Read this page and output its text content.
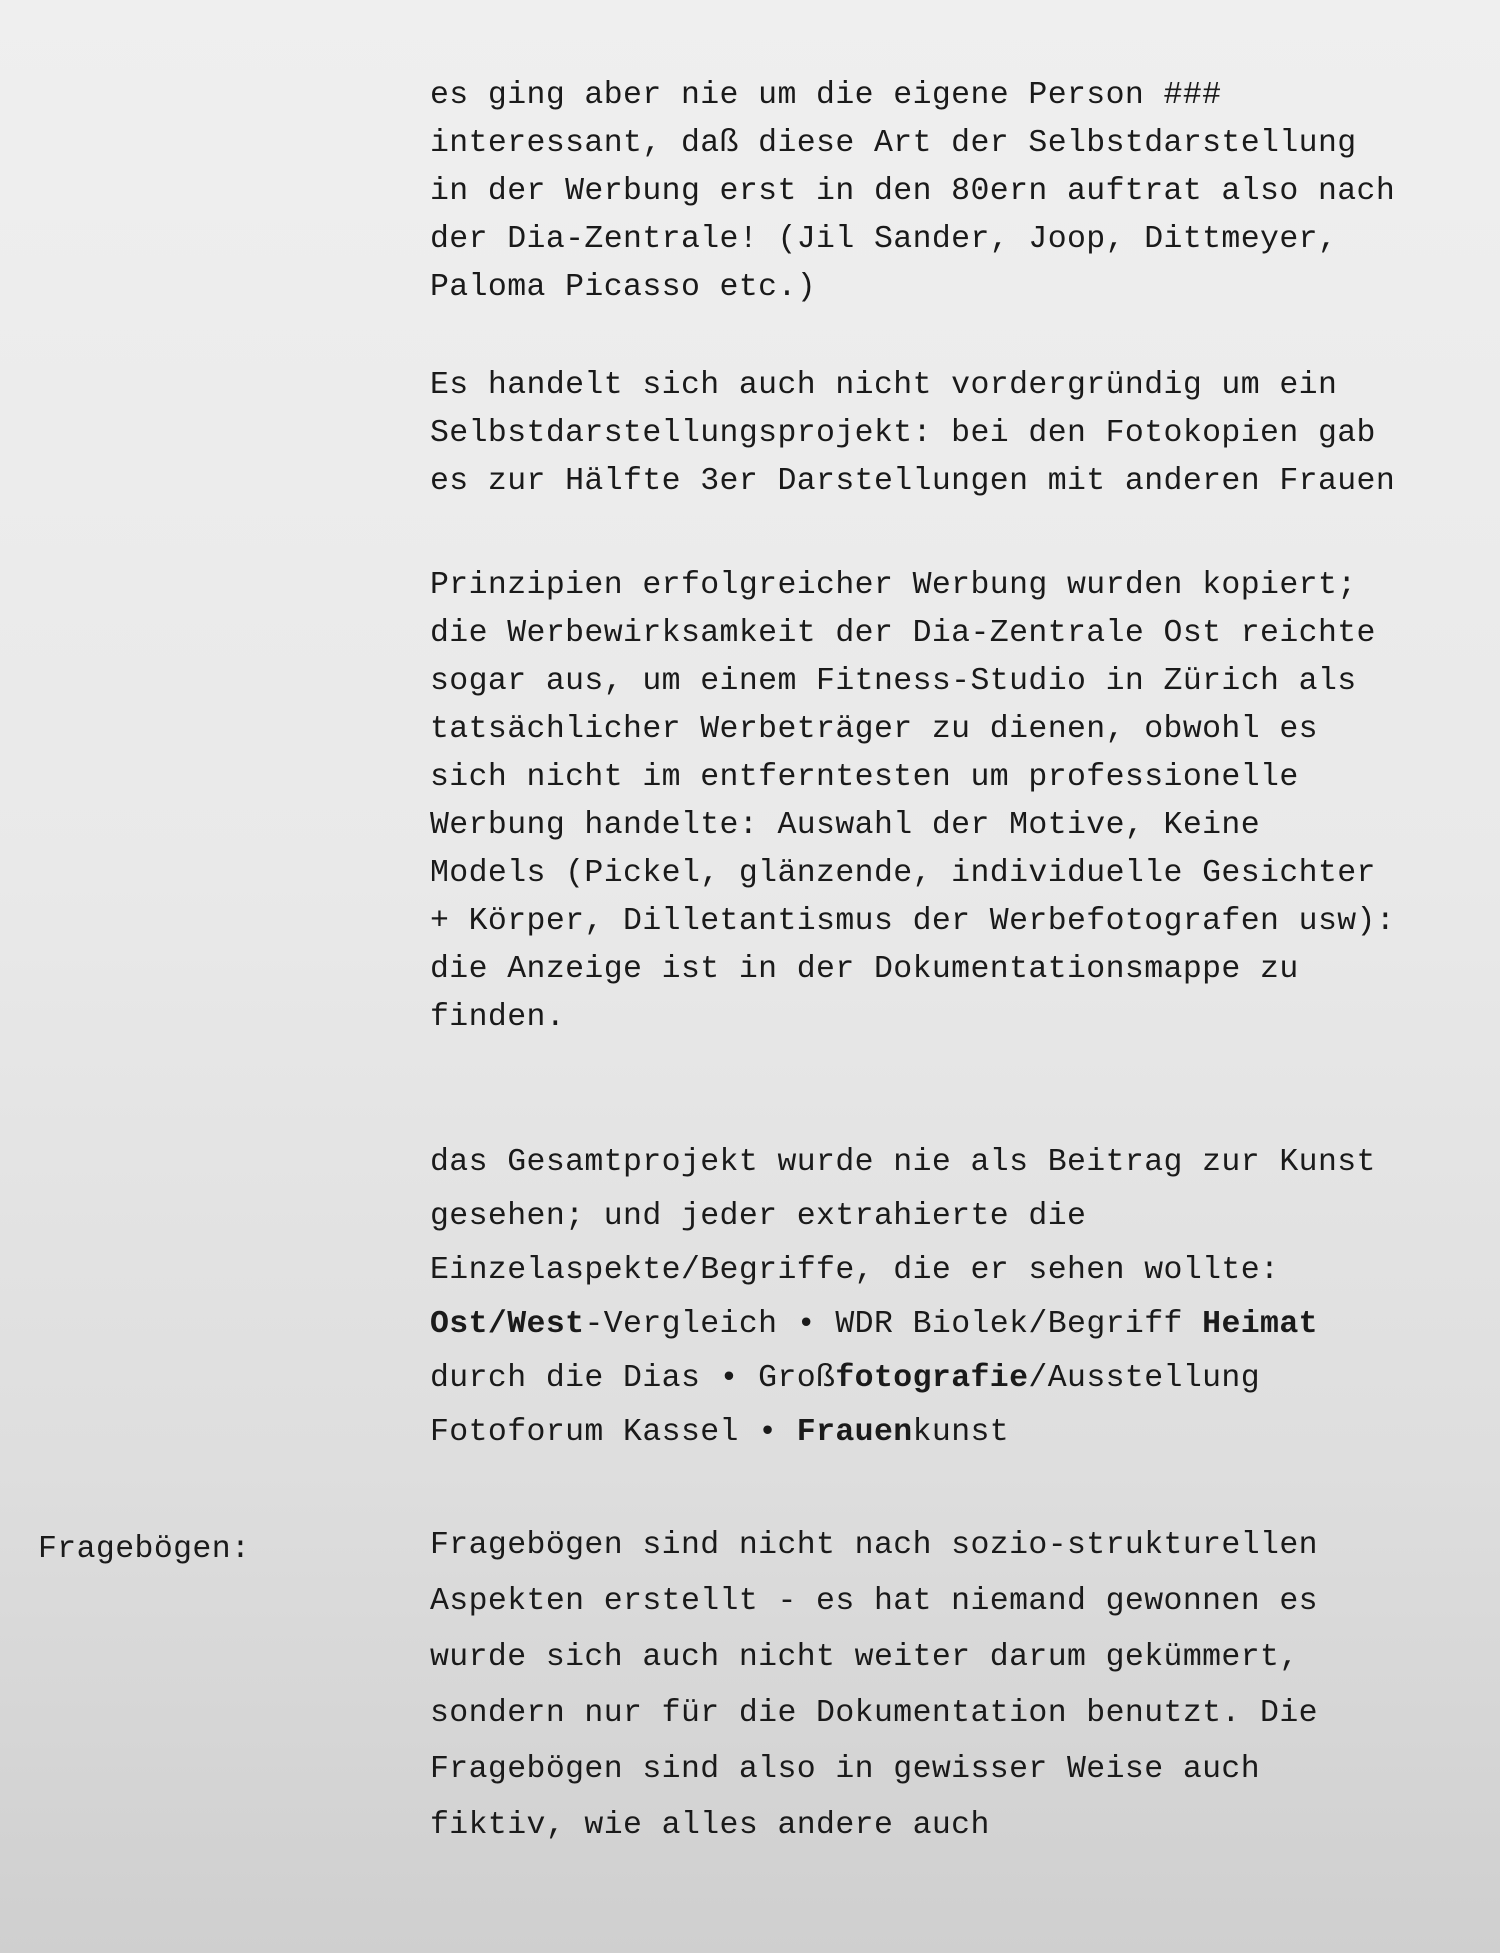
es ging aber nie um die eigene Person ###
interessant, daß diese Art der Selbstdarstellung
in der Werbung erst in den 80ern auftrat also nach
der Dia-Zentrale! (Jil Sander, Joop, Dittmeyer,
Paloma Picasso etc.)
Es handelt sich auch nicht vordergründig um ein
Selbstdarstellungsprojekt: bei den Fotokopien gab
es zur Hälfte 3er Darstellungen mit anderen Frauen
Prinzipien erfolgreicher Werbung wurden kopiert;
die Werbewirksamkeit der Dia-Zentrale Ost reichte
sogar aus, um einem Fitness-Studio in Zürich als
tatsächlicher Werbeträger zu dienen, obwohl es
sich nicht im entferntesten um professionelle
Werbung handelte: Auswahl der Motive, Keine
Models (Pickel, glänzende, individuelle Gesichter
+ Körper, Dilletantismus der Werbefotografen usw):
die Anzeige ist in der Dokumentationsmappe zu
finden.
das Gesamtprojekt wurde nie als Beitrag zur Kunst
gesehen; und jeder extrahierte die
Einzelaspekte/Begriffe, die er sehen wollte:
Ost/West-Vergleich • WDR Biolek/Begriff Heimat
durch die Dias • Großfotografie/Ausstellung
Fotoforum Kassel • Frauenkunst
Fragebögen:	Fragebögen sind nicht nach sozio-strukturellen
Aspekten erstellt - es hat niemand gewonnen es
wurde sich auch nicht weiter darum gekümmert,
sondern nur für die Dokumentation benutzt. Die
Fragebögen sind also in gewisser Weise auch
fiktiv, wie alles andere auch
